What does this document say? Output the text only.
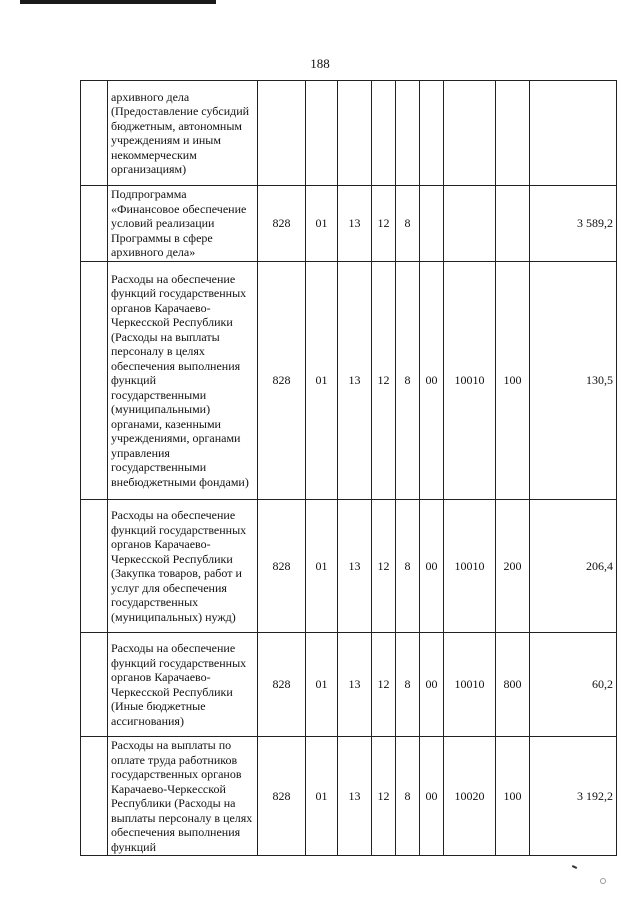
188
	архивного дела (Предоставление субсидий бюджетным, автономным учреждениям и иным некоммерческим организациям)									
	Подпрограмма «Финансовое обеспечение условий реализации Программы в сфере архивного дела»	828	01	13	12	8				3 589,2
	Расходы на обеспечение функций государственных органов Карачаево-Черкесской Республики (Расходы на выплаты персоналу в целях обеспечения выполнения функций государственными (муниципальными) органами, казенными учреждениями, органами управления государственными внебюджетными фондами)	828	01	13	12	8	00	10010	100	130,5
	Расходы на обеспечение функций государственных органов Карачаево-Черкесской Республики (Закупка товаров, работ и услуг для обеспечения государственных (муниципальных) нужд)	828	01	13	12	8	00	10010	200	206,4
	Расходы на обеспечение функций государственных органов Карачаево-Черкесской Республики (Иные бюджетные ассигнования)	828	01	13	12	8	00	10010	800	60,2
	Расходы на выплаты по оплате труда работников государственных органов Карачаево-Черкесской Республики (Расходы на выплаты персоналу в целях обеспечения выполнения функций	828	01	13	12	8	00	10020	100	3 192,2
